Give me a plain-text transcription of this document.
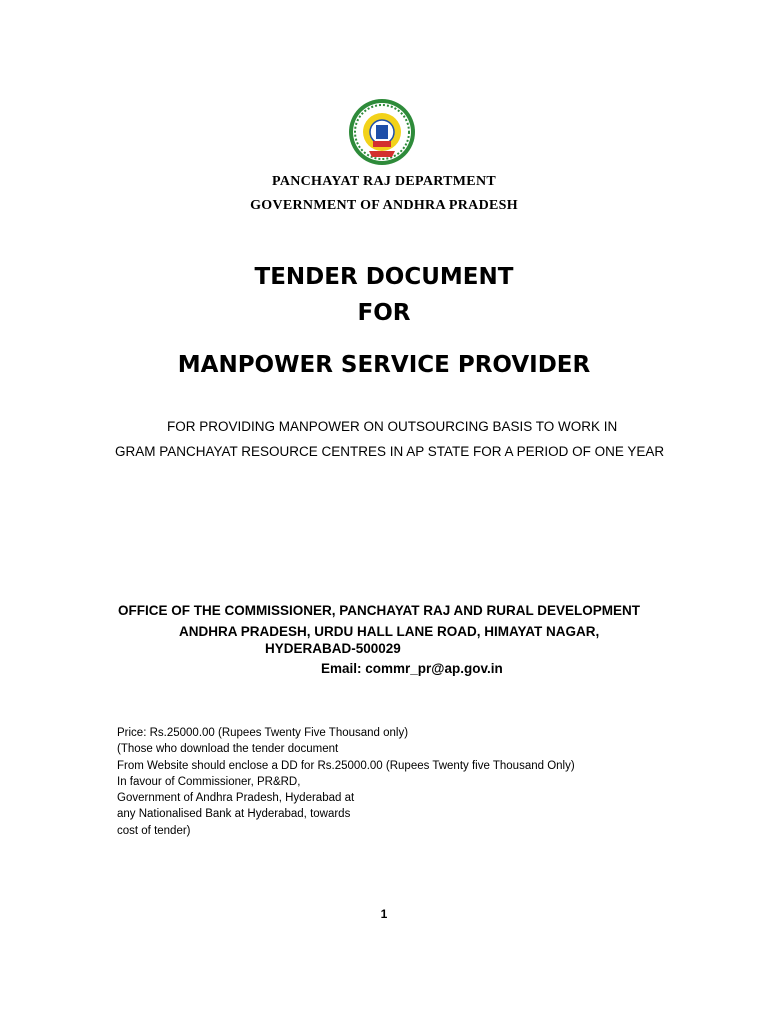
PANCHAYAT RAJ DEPARTMENT
GOVERNMENT OF ANDHRA PRADESH
TENDER DOCUMENT
FOR
MANPOWER SERVICE PROVIDER
FOR PROVIDING MANPOWER ON OUTSOURCING BASIS TO WORK IN
GRAM PANCHAYAT RESOURCE CENTRES IN AP STATE FOR A PERIOD OF ONE YEAR
OFFICE OF THE COMMISSIONER, PANCHAYAT RAJ AND RURAL DEVELOPMENT
ANDHRA PRADESH, URDU HALL LANE ROAD, HIMAYAT NAGAR,
HYDERABAD-500029
Email: commr_pr@ap.gov.in
Price: Rs.25000.00 (Rupees Twenty Five Thousand only)
(Those who download the tender document
From Website should enclose a DD for Rs.25000.00 (Rupees Twenty five Thousand Only)
In favour of Commissioner, PR&RD,
Government of Andhra Pradesh, Hyderabad at
any Nationalised Bank at Hyderabad, towards
cost of tender)
1
